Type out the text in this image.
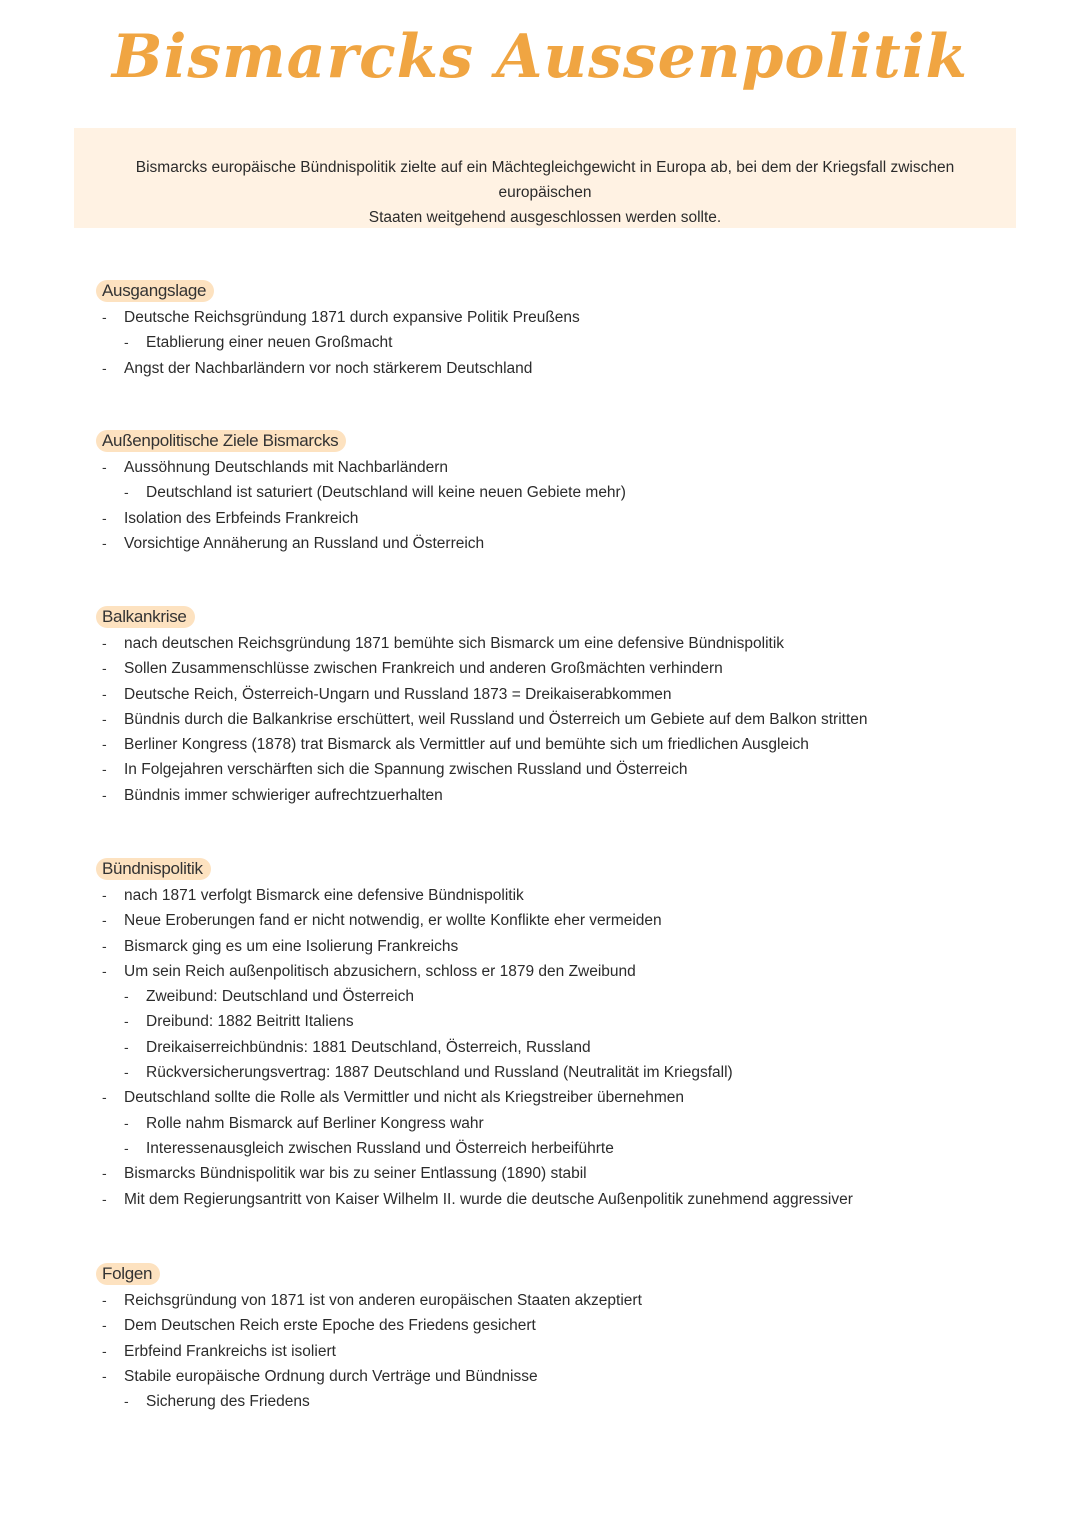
Bismarcks Aussenpolitik
Bismarcks europäische Bündnispolitik zielte auf ein Mächtegleichgewicht in Europa ab, bei dem der Kriegsfall zwischen europäischen
Staaten weitgehend ausgeschlossen werden sollte.
Ausgangslage
- Deutsche Reichsgründung 1871 durch expansive Politik Preußens
- Etablierung einer neuen Großmacht
- Angst der Nachbarländern vor noch stärkerem Deutschland
Außenpolitische Ziele Bismarcks
- Aussöhnung Deutschlands mit Nachbarländern
- Deutschland ist saturiert (Deutschland will keine neuen Gebiete mehr)
- Isolation des Erbfeinds Frankreich
- Vorsichtige Annäherung an Russland und Österreich
Balkankrise
- nach deutschen Reichsgründung 1871 bemühte sich Bismarck um eine defensive Bündnispolitik
- Sollen Zusammenschlüsse zwischen Frankreich und anderen Großmächten verhindern
- Deutsche Reich, Österreich-Ungarn und Russland 1873 = Dreikaiserabkommen
- Bündnis durch die Balkankrise erschüttert, weil Russland und Österreich um Gebiete auf dem Balkon stritten
- Berliner Kongress (1878) trat Bismarck als Vermittler auf und bemühte sich um friedlichen Ausgleich
- In Folgejahren verschärften sich die Spannung zwischen Russland und Österreich
- Bündnis immer schwieriger aufrechtzuerhalten
Bündnispolitik
- nach 1871 verfolgt Bismarck eine defensive Bündnispolitik
- Neue Eroberungen fand er nicht notwendig, er wollte Konflikte eher vermeiden
- Bismarck ging es um eine Isolierung Frankreichs
- Um sein Reich außenpolitisch abzusichern, schloss er 1879 den Zweibund
- Zweibund: Deutschland und Österreich
- Dreibund: 1882 Beitritt Italiens
- Dreikaiserreichbündnis: 1881 Deutschland, Österreich, Russland
- Rückversicherungsvertrag: 1887 Deutschland und Russland (Neutralität im Kriegsfall)
- Deutschland sollte die Rolle als Vermittler und nicht als Kriegstreiber übernehmen
- Rolle nahm Bismarck auf Berliner Kongress wahr
- Interessenausgleich zwischen Russland und Österreich herbeiführte
- Bismarcks Bündnispolitik war bis zu seiner Entlassung (1890) stabil
- Mit dem Regierungsantritt von Kaiser Wilhelm II. wurde die deutsche Außenpolitik zunehmend aggressiver
Folgen
- Reichsgründung von 1871 ist von anderen europäischen Staaten akzeptiert
- Dem Deutschen Reich erste Epoche des Friedens gesichert
- Erbfeind Frankreichs ist isoliert
- Stabile europäische Ordnung durch Verträge und Bündnisse
- Sicherung des Friedens
